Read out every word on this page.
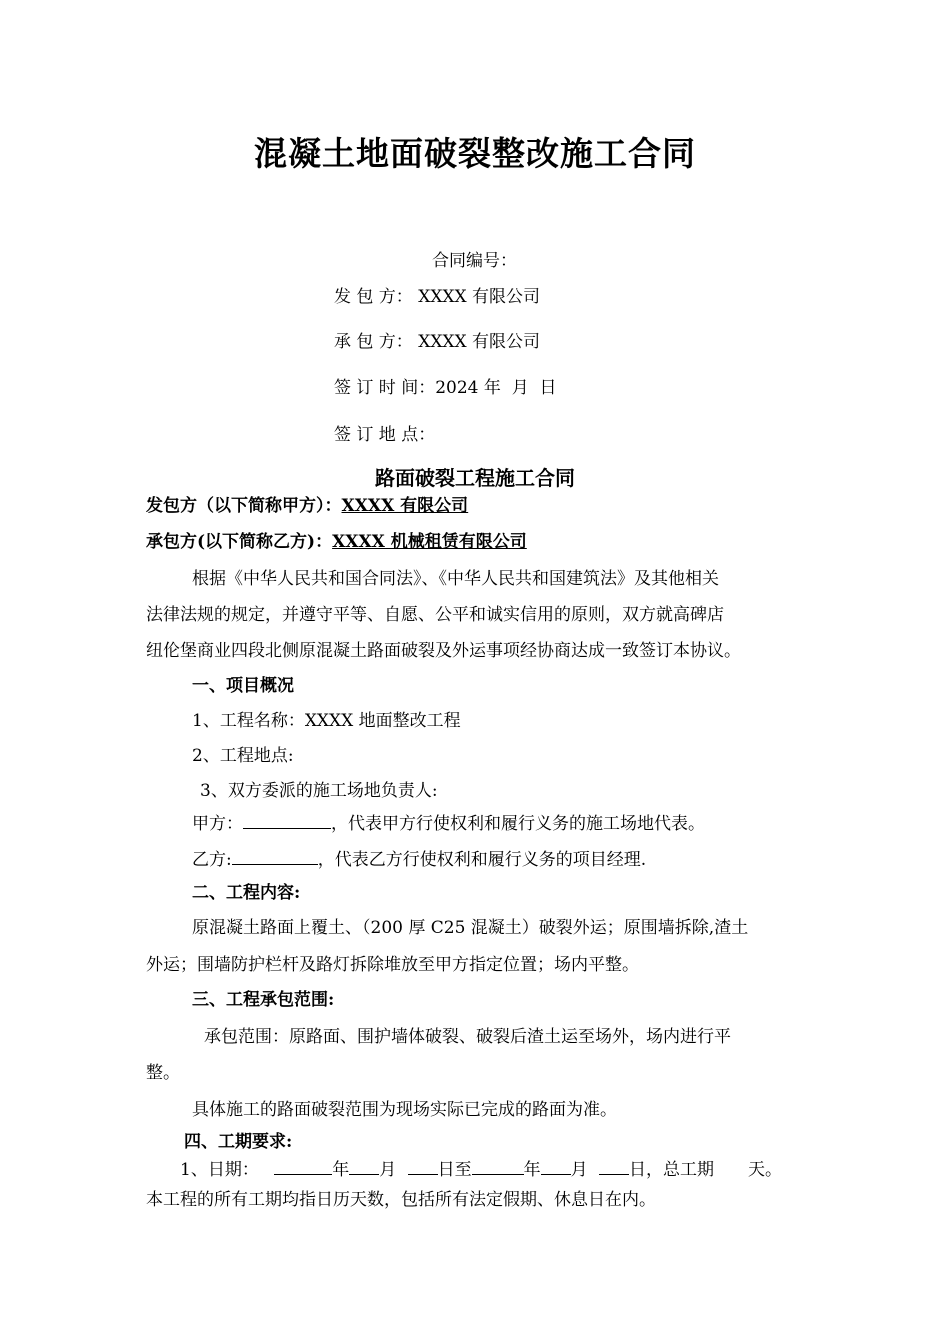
混凝土地面破裂整改施工合同
合同编号：
发 包 方： XXXX 有限公司
承 包 方： XXXX 有限公司
签 订 时 间：2024 年  月  日
签 订 地 点：
路面破裂工程施工合同
发包方（以下简称甲方）：XXXX 有限公司
承包方(以下简称乙方)：XXXX 机械租赁有限公司
根据《中华人民共和国合同法》、《中华人民共和国建筑法》及其他相关
法律法规的规定，并遵守平等、自愿、公平和诚实信用的原则，双方就高碑店
纽伦堡商业四段北侧原混凝土路面破裂及外运事项经协商达成一致签订本协议。
一、项目概况
1、工程名称：XXXX 地面整改工程
2、工程地点:
3、双方委派的施工场地负责人:
甲方：	，代表甲方行使权利和履行义务的施工场地代表。
乙方:	，代表乙方行使权利和履行义务的项目经理.
二、工程内容:
原混凝土路面上覆土、（200 厚 C25 混凝土）破裂外运；原围墙拆除,渣土
外运；围墙防护栏杆及路灯拆除堆放至甲方指定位置；场内平整。
三、工程承包范围:
承包范围：原路面、围护墙体破裂、破裂后渣土运至场外，场内进行平
整。
具体施工的路面破裂范围为现场实际已完成的路面为准。
四、工期要求:
1、日期：	年 月 日至	年 月 日，总工期 天。
本工程的所有工期均指日历天数，包括所有法定假期、休息日在内。
